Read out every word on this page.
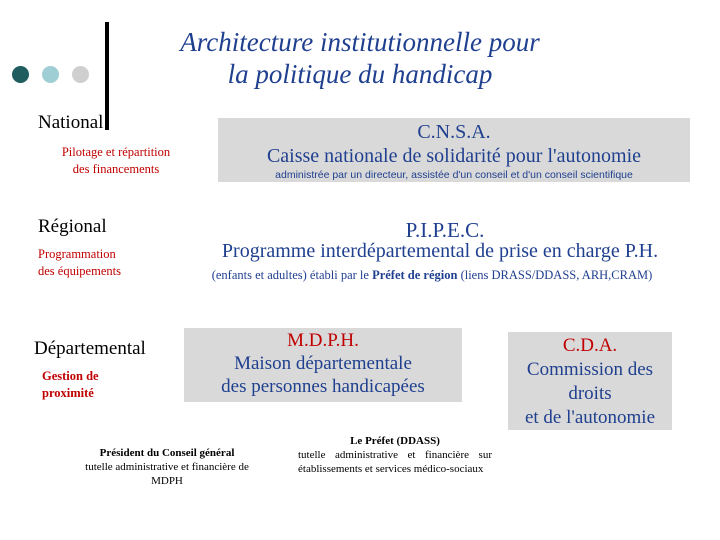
Architecture institutionnelle pour
la politique du handicap
National
Pilotage et répartition
des financements
C.N.S.A.
Caisse nationale de solidarité pour l'autonomie
administrée par un directeur, assistée d'un conseil et d'un conseil scientifique
Régional
Programmation
des équipements
P.I.P.E.C.
Programme interdépartemental de prise en charge P.H.
(enfants et adultes) établi par le Préfet de région (liens DRASS/DDASS, ARH,CRAM)
Départemental
Gestion de
proximité
M.D.P.H.
Maison départementale
des personnes handicapées
C.D.A.
Commission des
droits
et de l'autonomie
Président du Conseil général
tutelle administrative et financière de MDPH
Le Préfet (DDASS)
tutelle administrative et financière sur établissements et services médico-sociaux
